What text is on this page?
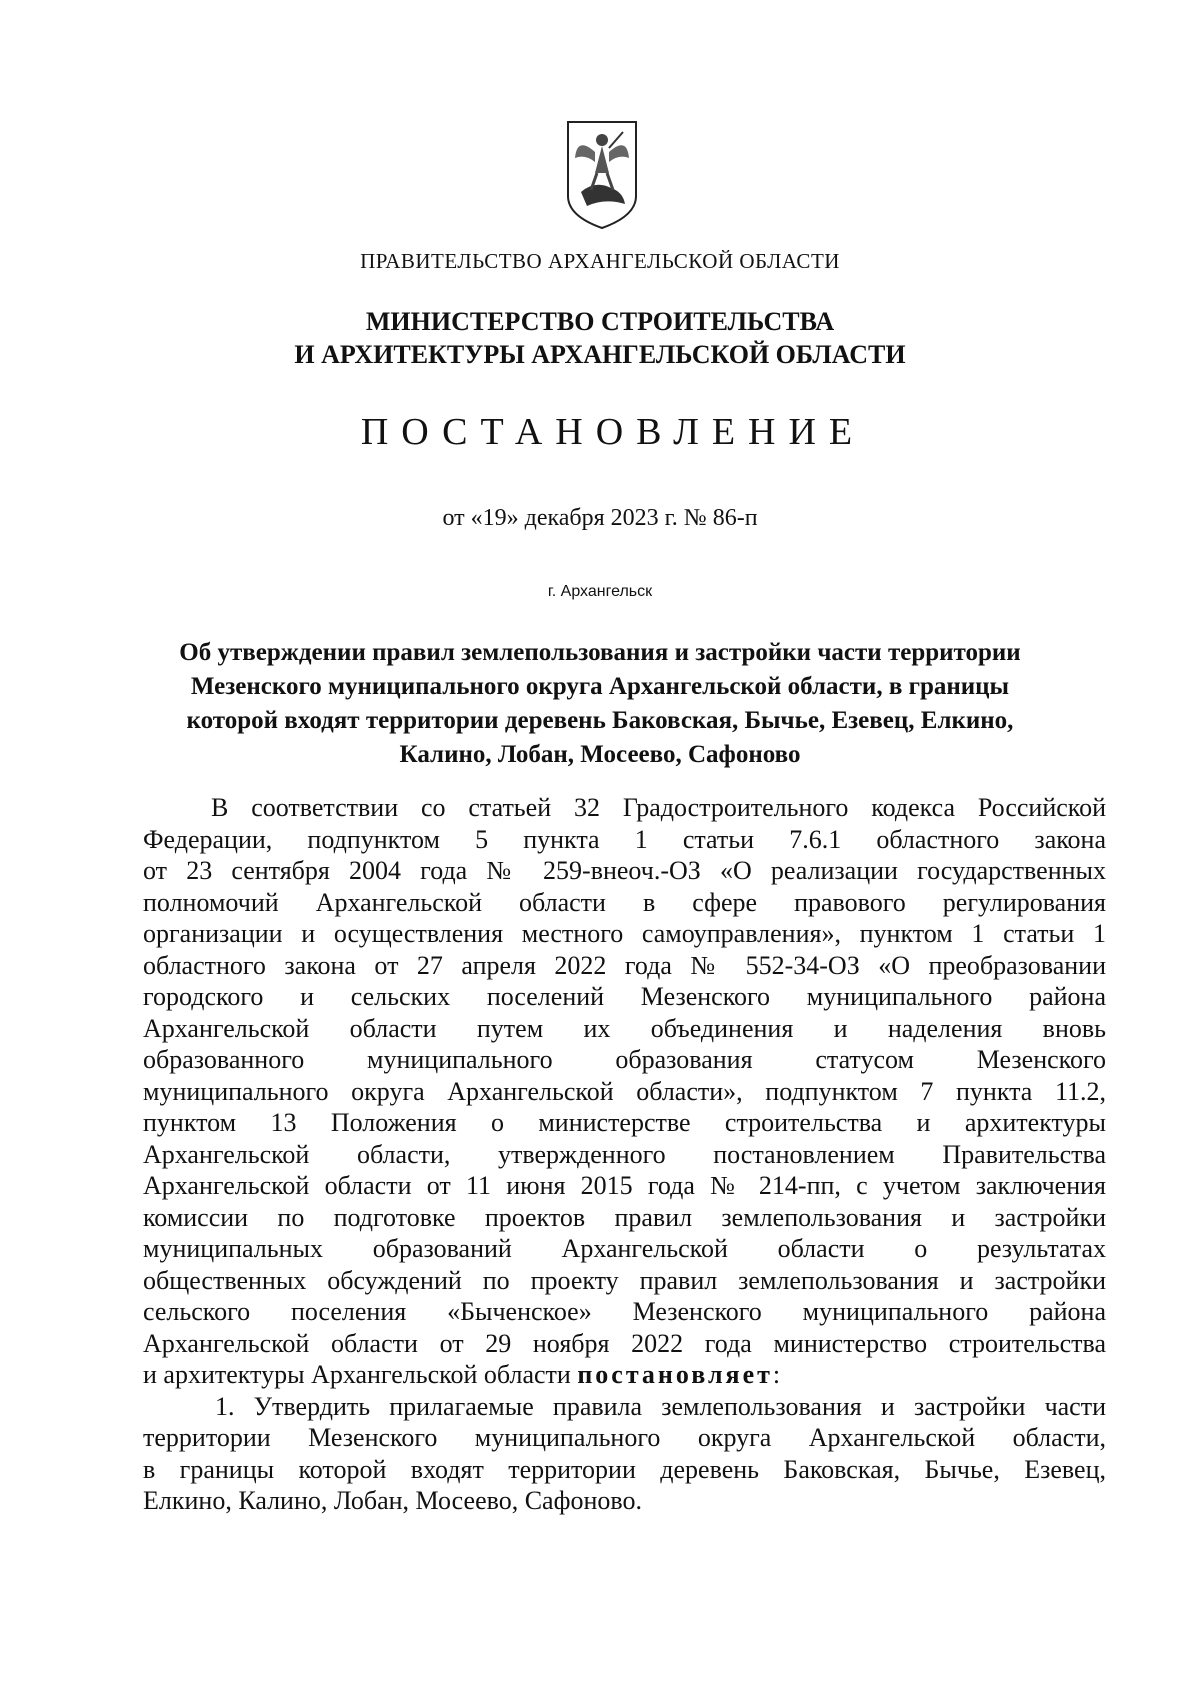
ПРАВИТЕЛЬСТВО АРХАНГЕЛЬСКОЙ ОБЛАСТИ
МИНИСТЕРСТВО СТРОИТЕЛЬСТВА
И АРХИТЕКТУРЫ АРХАНГЕЛЬСКОЙ ОБЛАСТИ
ПОСТАНОВЛЕНИЕ
от «19» декабря 2023 г. № 86-п
г. Архангельск
Об утверждении правил землепользования и застройки части территории
Мезенского муниципального округа Архангельской области, в границы
которой входят территории деревень Баковская, Бычье, Езевец, Елкино,
Калино, Лобан, Мосеево, Сафоново
В соответствии со статьей 32 Градостроительного кодекса Российской
Федерации, подпунктом 5 пункта 1 статьи 7.6.1 областного закона
от 23 сентября 2004 года № 259-внеоч.-ОЗ «О реализации государственных
полномочий Архангельской области в сфере правового регулирования
организации и осуществления местного самоуправления», пунктом 1 статьи 1
областного закона от 27 апреля 2022 года № 552-34-ОЗ «О преобразовании
городского и сельских поселений Мезенского муниципального района
Архангельской области путем их объединения и наделения вновь
образованного муниципального образования статусом Мезенского
муниципального округа Архангельской области», подпунктом 7 пункта 11.2,
пунктом 13 Положения о министерстве строительства и архитектуры
Архангельской области, утвержденного постановлением Правительства
Архангельской области от 11 июня 2015 года № 214-пп, с учетом заключения
комиссии по подготовке проектов правил землепользования и застройки
муниципальных образований Архангельской области о результатах
общественных обсуждений по проекту правил землепользования и застройки
сельского поселения «Быченское» Мезенского муниципального района
Архангельской области от 29 ноября 2022 года министерство строительства
и архитектуры Архангельской области постановляет:
1. Утвердить прилагаемые правила землепользования и застройки части
территории Мезенского муниципального округа Архангельской области,
в границы которой входят территории деревень Баковская, Бычье, Езевец,
Елкино, Калино, Лобан, Мосеево, Сафоново.
